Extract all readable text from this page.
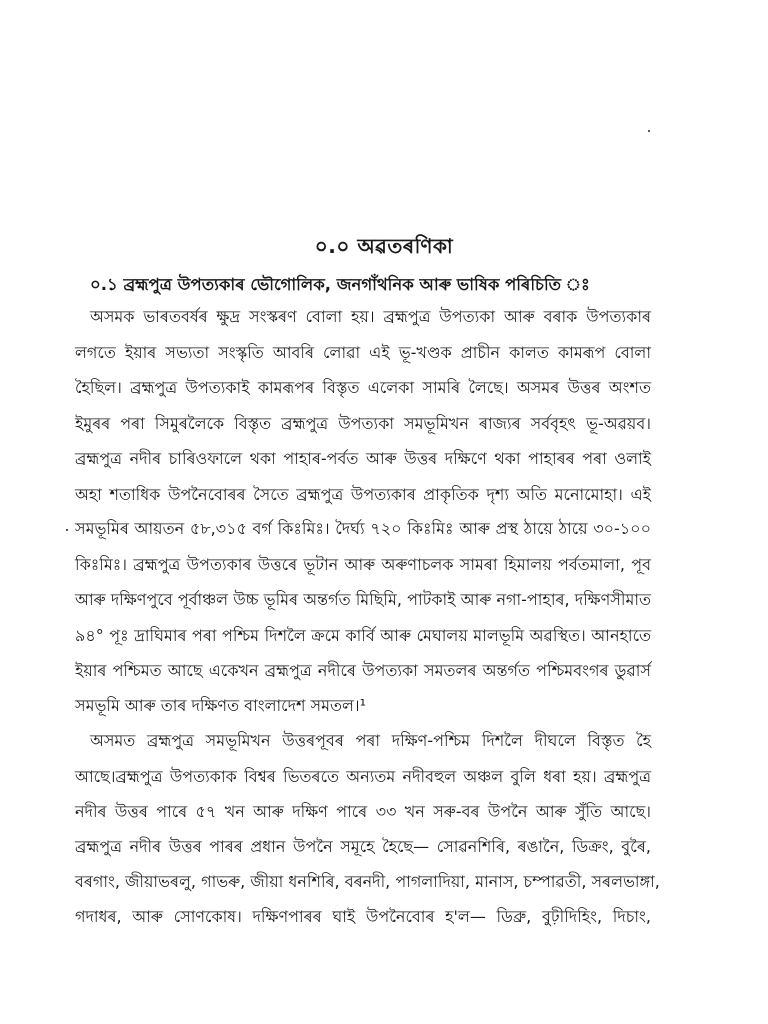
০.০ অৱতৰণিকা
০.১ ব্ৰহ্মপুত্ৰ উপত্যকাৰ ভৌগোলিক, জনগাঁথনিক আৰু ভাষিক পৰিচিতি ঃ
অসমক ভাৰতবৰ্ষৰ ক্ষুদ্ৰ সংস্কৰণ বোলা হয়। ব্ৰহ্মপুত্ৰ উপত্যকা আৰু বৰাক উপত্যকাৰ
লগতে ইয়াৰ সভ্যতা সংস্কৃতি আবৰি লোৱা এই ভূ-খণ্ডক প্ৰাচীন কালত কামৰূপ বোলা
হৈছিল। ব্ৰহ্মপুত্ৰ উপত্যকাই কামৰূপৰ বিস্তৃত এলেকা সামৰি লৈছে। অসমৰ উত্তৰ অংশত
ইমুৰৰ পৰা সিমুৰলৈকে বিস্তৃত ব্ৰহ্মপুত্ৰ উপত্যকা সমভূমিখন ৰাজ্যৰ সৰ্ববৃহৎ ভূ-অৱয়ব।
ব্ৰহ্মপুত্ৰ নদীৰ চাৰিওফালে থকা পাহাৰ-পৰ্বত আৰু উত্তৰ দক্ষিণে থকা পাহাৰৰ পৰা ওলাই
অহা শতাধিক উপনৈবোৰৰ সৈতে ব্ৰহ্মপুত্ৰ উপত্যকাৰ প্ৰাকৃতিক দৃশ্য অতি মনোমোহা। এই
সমভূমিৰ আয়তন ৫৮,৩১৫ বৰ্গ কিঃমিঃ। দৈৰ্ঘ্য ৭২০ কিঃমিঃ আৰু প্ৰস্থ ঠায়ে ঠায়ে ৩০-১০০
কিঃমিঃ। ব্ৰহ্মপুত্ৰ উপত্যকাৰ উত্তৰে ভূটান আৰু অৰুণাচলক সামৰা হিমালয় পৰ্বতমালা, পূব
আৰু দক্ষিণপুবে পূৰ্বাঞ্চল উচ্চ ভূমিৰ অন্তৰ্গত মিছিমি, পাটকাই আৰু নগা-পাহাৰ, দক্ষিণসীমাত
৯৪° পূঃ দ্ৰাঘিমাৰ পৰা পশ্চিম দিশলৈ ক্ৰমে কাৰ্বি আৰু মেঘালয় মালভূমি অৱস্থিত। আনহাতে
ইয়াৰ পশ্চিমত আছে একেখন ব্ৰহ্মপুত্ৰ নদীৰে উপত্যকা সমতলৰ অন্তৰ্গত পশ্চিমবংগৰ ডুৱাৰ্স
সমভূমি আৰু তাৰ দক্ষিণত বাংলাদেশ সমতল।¹
অসমত ব্ৰহ্মপুত্ৰ সমভূমিখন উত্তৰপূবৰ পৰা দক্ষিণ-পশ্চিম দিশলৈ দীঘলে বিস্তৃত হৈ
আছে।ব্ৰহ্মপুত্ৰ উপত্যকাক বিশ্বৰ ভিতৰতে অন্যতম নদীবহুল অঞ্চল বুলি ধৰা হয়। ব্ৰহ্মপুত্ৰ
নদীৰ উত্তৰ পাৰে ৫৭ খন আৰু দক্ষিণ পাৰে ৩৩ খন সৰু-বৰ উপনৈ আৰু সুঁতি আছে।
ব্ৰহ্মপুত্ৰ নদীৰ উত্তৰ পাৰৰ প্ৰধান উপনৈ সমূহে হৈছে— সোৱনশিৰি, ৰঙানৈ, ডিক্ৰং, বুৰৈ,
বৰগাং, জীয়াভৰলু, গাভৰু, জীয়া ধনশিৰি, বৰনদী, পাগলাদিয়া, মানাস, চম্পাৱতী, সৰলভাঙ্গা,
গদাধৰ, আৰু সোণকোষ। দক্ষিণপাৰৰ ঘাই উপনৈবোৰ হ'ল— ডিব্ৰু, বুঢ়ীদিহিং, দিচাং,
